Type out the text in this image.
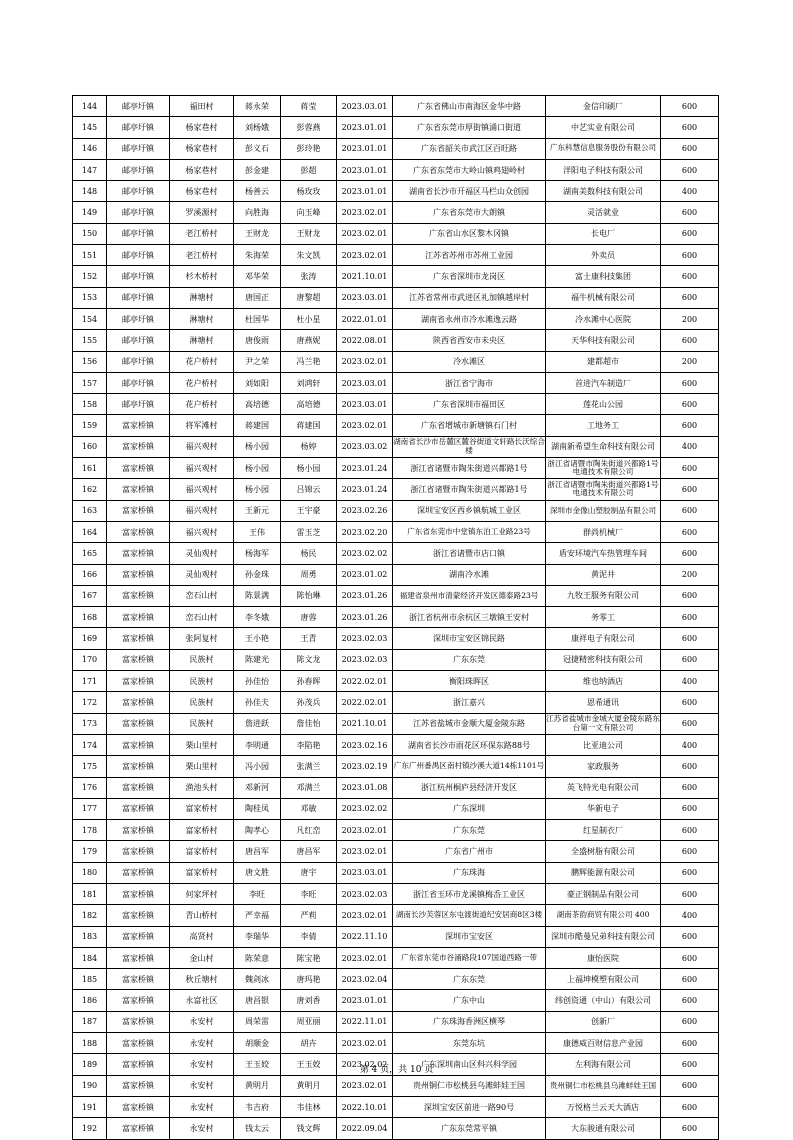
144	邮亭圩镇	福田村	蒋永荣	蒋莹	2023.03.01	广东省佛山市南海区金华中路	金信印刷厂	600
145	邮亭圩镇	杨家巷村	刘杨娥	彭蓉燕	2023.01.01	广东省东莞市厚街镇涌口街道	中艺实业有限公司	600
146	邮亭圩镇	杨家巷村	彭义石	彭玲艳	2023.01.01	广东省韶关市武江区百旺路	广东科慧信息服务股份有限公司	600
147	邮亭圩镇	杨家巷村	彭金建	彭超	2023.01.01	广东省东莞市大岭山镇鸡翅岭村	洋阳电子科技有限公司	600
148	邮亭圩镇	杨家巷村	杨善云	杨玫玫	2023.01.01	湖南省长沙市开福区马栏山众创园	湖南美数科技有限公司	400
149	邮亭圩镇	罗溪源村	向胜海	向玉峰	2023.02.01	广东省东莞市大朗镇	灵活就业	600
150	邮亭圩镇	老江桥村	王财龙	王财龙	2023.02.01	广东省山水区黎木冈镇	长电厂	600
151	邮亭圩镇	老江桥村	朱海荣	朱文凯	2023.02.01	江苏省苏州市苏州工业园	外卖员	600
152	邮亭圩镇	杉木桥村	邓华荣	张涛	2021.10.01	广东省深圳市龙岗区	富士康科技集团	600
153	邮亭圩镇	淋塘村	唐国正	唐黎超	2023.03.01	江苏省常州市武进区礼加镇越岸村	福牛机械有限公司	600
154	邮亭圩镇	淋塘村	杜国华	杜小星	2022.01.01	湖南省永州市冷水滩逸云路	冷水滩中心医院	200
155	邮亭圩镇	淋塘村	唐俊雨	唐燕妮	2022.08.01	陕西省西安市未央区	天华科技有限公司	600
156	邮亭圩镇	花户桥村	尹之荣	冯兰艳	2023.02.01	冷水滩区	建都超市	200
157	邮亭圩镇	花户桥村	刘如阳	刘鸿轩	2023.03.01	浙江省宁海市	首进汽车制造厂	600
158	邮亭圩镇	花户桥村	高培德	高培德	2023.03.01	广东省深圳市福田区	莲花山公园	600
159	富家桥镇	将军滩村	蒋建国	蒋建国	2023.02.01	广东省增城市新塘镇石门村	工地务工	600
160	富家桥镇	福兴观村	杨小园	杨婷	2023.03.02	湖南省长沙市岳麓区麓谷街道文轩路长沃综合楼	湖南新希望生命科技有限公司	400
161	富家桥镇	福兴观村	杨小园	杨小园	2023.01.24	浙江省诸暨市陶朱街道兴都路1号	浙江省诸暨市陶朱街道兴都路1号电通技术有限公司	600
162	富家桥镇	福兴观村	杨小园	吕锦云	2023.01.24	浙江省诸暨市陶朱街道兴都路1号	浙江省诸暨市陶朱街道兴都路1号电通技术有限公司	600
163	富家桥镇	福兴观村	王新元	王宇豪	2023.02.26	深圳宝安区西乡镇航城工业区	深圳市金像山塑胶制品有限公司	600
164	富家桥镇	福兴观村	王伟	雷玉芝	2023.02.20	广东省东莞市中堂镇东泊工业路23号	群尚机械厂	600
165	富家桥镇	灵仙观村	杨海军	杨民	2023.02.02	浙江省诸暨市店口镇	盾安环境汽车热管理车间	600
166	富家桥镇	灵仙观村	孙金珠	周勇	2023.01.02	湖南冷水滩	黄泥井	200
167	富家桥镇	峦石山村	陈景满	陈怡琳	2023.01.26	福建省泉州市清蒙经济开发区德泰路23号	九牧王服务有限公司	600
168	富家桥镇	峦石山村	李冬娥	唐蓉	2023.01.26	浙江省杭州市余杭区三墩镇王安村	务零工	600
169	富家桥镇	张阿复村	王小艳	王青	2023.02.03	深圳市宝安区锦民路	康祥电子有限公司	600
170	富家桥镇	民族村	陈建光	陈文龙	2023.02.03	广东东莞	冠捷精密科技有限公司	600
171	富家桥镇	民族村	孙佳怡	孙春晖	2022.02.01	衡阳珠晖区	维也纳酒店	400
172	富家桥镇	民族村	孙佳夫	孙茂兵	2022.02.01	浙江嘉兴	恩希通讯	600
173	富家桥镇	民族村	詹进跃	詹佳怡	2021.10.01	江苏省盐城市金顺大厦金陵东路	江苏省盐城市金城大厦金陵东路东台第一文有限公司	600
174	富家桥镇	栗山里村	李明通	李陷艳	2023.02.16	湖南省长沙市雨花区环保东路88号	比亚迪公司	400
175	富家桥镇	栗山里村	冯小园	张满兰	2023.02.19	广东广州番禺区南村镇沙溪大道14栋1101号	家政服务	600
176	富家桥镇	渔池头村	邓新河	邓满兰	2023.01.08	浙江杭州桐庐县经济开发区	英飞特光电有限公司	600
177	富家桥镇	富家桥村	陶桂凤	邓敏	2023.02.02	广东深圳	华新电子	600
178	富家桥镇	富家桥村	陶孝心	凡红峦	2023.02.01	广东东莞	红星制衣厂	600
179	富家桥镇	富家桥村	唐昌军	唐昌军	2023.02.01	广东省广州市	全盛树脂有限公司	600
180	富家桥镇	富家桥村	唐文胜	唐宇	2023.03.01	广东珠海	鹏辉能源有限公司	600
181	富家桥镇	何家坪村	李旺	李旺	2023.02.03	浙江省玉环市龙溪镇梅岙工业区	豪正钢制品有限公司	600
182	富家桥镇	青山桥村	严幸福	严莉	2023.02.01	湖南长沙芙蓉区东屯渡街道纪安居商8区3楼	湖南茶韵商贸有限公司 400	400
183	富家桥镇	高贤村	李瑞华	李倩	2022.11.10	深圳市宝安区	深圳市酷曼兄弟科技有限公司	600
184	富家桥镇	金山村	陈荣意	陈宝艳	2023.02.01	广东省东莞市谷涌路段107国道西路一带	康怡医院	600
185	富家桥镇	秋丘塘村	魏剑冰	唐玛艳	2023.02.04	广东东莞	上福坤模塑有限公司	600
186	富家桥镇	永富社区	唐昌银	唐刘香	2023.01.01	广东中山	纬创资通（中山）有限公司	600
187	富家桥镇	永安村	周荣雷	周亚丽	2022.11.01	广东珠海香洲区横琴	创新厂	600
188	富家桥镇	永安村	胡顺金	胡卉	2023.02.01	东莞东坑	康德威百财信息产业园	600
189	富家桥镇	永安村	王玉姣	王玉姣	2023.02.02	广东深圳南山区科兴科学园	左利海有限公司	600
190	富家桥镇	永安村	黄明月	黄明月	2023.02.01	贵州铜仁市松桃县乌滩蚌娃王国	贵州铜仁市松桃县乌滩蚌娃王国	600
191	富家桥镇	永安村	韦吉府	韦佳林	2022.10.01	深圳宝安区前进一路90号	万悦格兰云天大酒店	600
192	富家桥镇	永安村	钱太云	钱文辉	2022.09.04	广东东莞常平镇	大东骏通有限公司	600
第 4 页，共 10 页
